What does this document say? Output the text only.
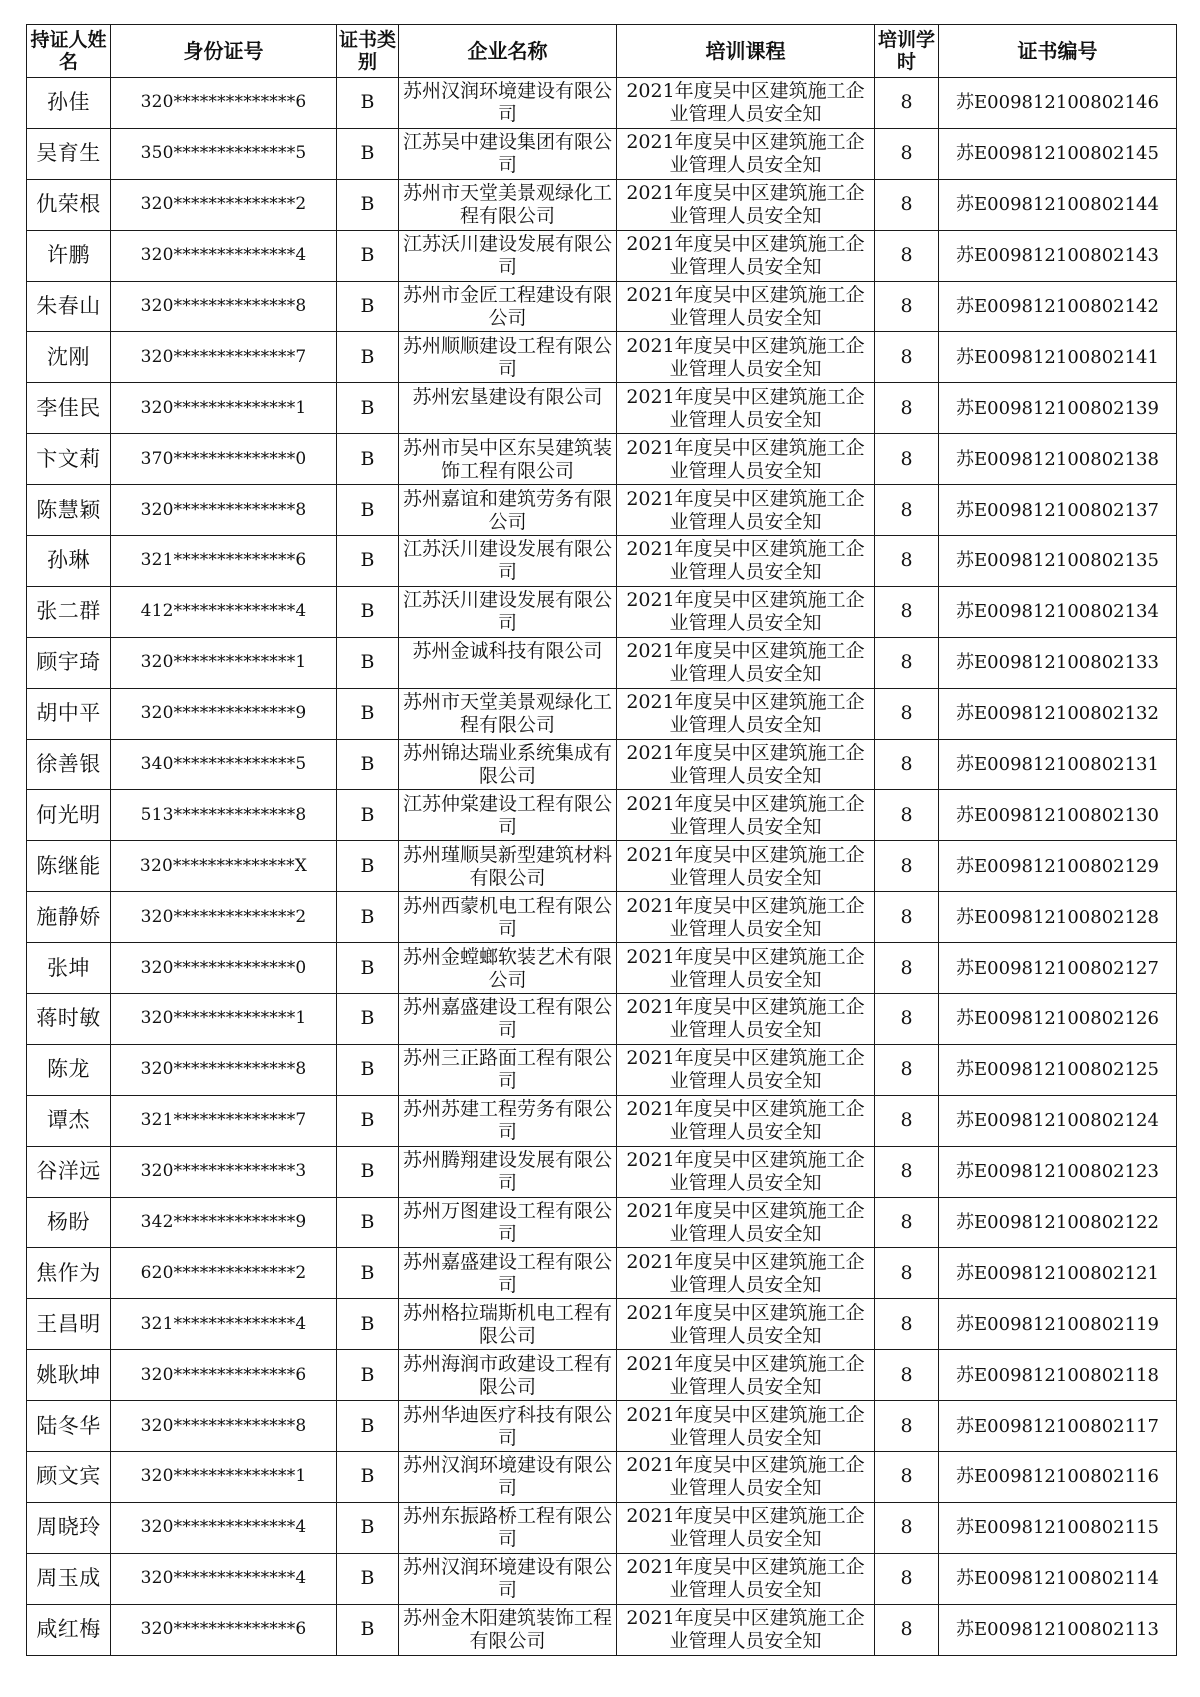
持证人姓名	身份证号	证书类别	企业名称	培训课程	培训学时	证书编号
孙佳	320**************6	B	苏州汉润环境建设有限公司	2021年度吴中区建筑施工企业管理人员安全知	8	苏E009812100802146
吴育生	350**************5	B	江苏吴中建设集团有限公司	2021年度吴中区建筑施工企业管理人员安全知	8	苏E009812100802145
仇荣根	320**************2	B	苏州市天堂美景观绿化工程有限公司	2021年度吴中区建筑施工企业管理人员安全知	8	苏E009812100802144
许鹏	320**************4	B	江苏沃川建设发展有限公司	2021年度吴中区建筑施工企业管理人员安全知	8	苏E009812100802143
朱春山	320**************8	B	苏州市金匠工程建设有限公司	2021年度吴中区建筑施工企业管理人员安全知	8	苏E009812100802142
沈刚	320**************7	B	苏州顺顺建设工程有限公司	2021年度吴中区建筑施工企业管理人员安全知	8	苏E009812100802141
李佳民	320**************1	B	苏州宏垦建设有限公司	2021年度吴中区建筑施工企业管理人员安全知	8	苏E009812100802139
卞文莉	370**************0	B	苏州市吴中区东吴建筑装饰工程有限公司	2021年度吴中区建筑施工企业管理人员安全知	8	苏E009812100802138
陈慧颖	320**************8	B	苏州嘉谊和建筑劳务有限公司	2021年度吴中区建筑施工企业管理人员安全知	8	苏E009812100802137
孙琳	321**************6	B	江苏沃川建设发展有限公司	2021年度吴中区建筑施工企业管理人员安全知	8	苏E009812100802135
张二群	412**************4	B	江苏沃川建设发展有限公司	2021年度吴中区建筑施工企业管理人员安全知	8	苏E009812100802134
顾宇琦	320**************1	B	苏州金诚科技有限公司	2021年度吴中区建筑施工企业管理人员安全知	8	苏E009812100802133
胡中平	320**************9	B	苏州市天堂美景观绿化工程有限公司	2021年度吴中区建筑施工企业管理人员安全知	8	苏E009812100802132
徐善银	340**************5	B	苏州锦达瑞业系统集成有限公司	2021年度吴中区建筑施工企业管理人员安全知	8	苏E009812100802131
何光明	513**************8	B	江苏仲棠建设工程有限公司	2021年度吴中区建筑施工企业管理人员安全知	8	苏E009812100802130
陈继能	320**************X	B	苏州瑾顺昊新型建筑材料有限公司	2021年度吴中区建筑施工企业管理人员安全知	8	苏E009812100802129
施静娇	320**************2	B	苏州西蒙机电工程有限公司	2021年度吴中区建筑施工企业管理人员安全知	8	苏E009812100802128
张坤	320**************0	B	苏州金螳螂软装艺术有限公司	2021年度吴中区建筑施工企业管理人员安全知	8	苏E009812100802127
蒋时敏	320**************1	B	苏州嘉盛建设工程有限公司	2021年度吴中区建筑施工企业管理人员安全知	8	苏E009812100802126
陈龙	320**************8	B	苏州三正路面工程有限公司	2021年度吴中区建筑施工企业管理人员安全知	8	苏E009812100802125
谭杰	321**************7	B	苏州苏建工程劳务有限公司	2021年度吴中区建筑施工企业管理人员安全知	8	苏E009812100802124
谷洋远	320**************3	B	苏州腾翔建设发展有限公司	2021年度吴中区建筑施工企业管理人员安全知	8	苏E009812100802123
杨盼	342**************9	B	苏州万图建设工程有限公司	2021年度吴中区建筑施工企业管理人员安全知	8	苏E009812100802122
焦作为	620**************2	B	苏州嘉盛建设工程有限公司	2021年度吴中区建筑施工企业管理人员安全知	8	苏E009812100802121
王昌明	321**************4	B	苏州格拉瑞斯机电工程有限公司	2021年度吴中区建筑施工企业管理人员安全知	8	苏E009812100802119
姚耿坤	320**************6	B	苏州海润市政建设工程有限公司	2021年度吴中区建筑施工企业管理人员安全知	8	苏E009812100802118
陆冬华	320**************8	B	苏州华迪医疗科技有限公司	2021年度吴中区建筑施工企业管理人员安全知	8	苏E009812100802117
顾文宾	320**************1	B	苏州汉润环境建设有限公司	2021年度吴中区建筑施工企业管理人员安全知	8	苏E009812100802116
周晓玲	320**************4	B	苏州东振路桥工程有限公司	2021年度吴中区建筑施工企业管理人员安全知	8	苏E009812100802115
周玉成	320**************4	B	苏州汉润环境建设有限公司	2021年度吴中区建筑施工企业管理人员安全知	8	苏E009812100802114
咸红梅	320**************6	B	苏州金木阳建筑装饰工程有限公司	2021年度吴中区建筑施工企业管理人员安全知	8	苏E009812100802113
